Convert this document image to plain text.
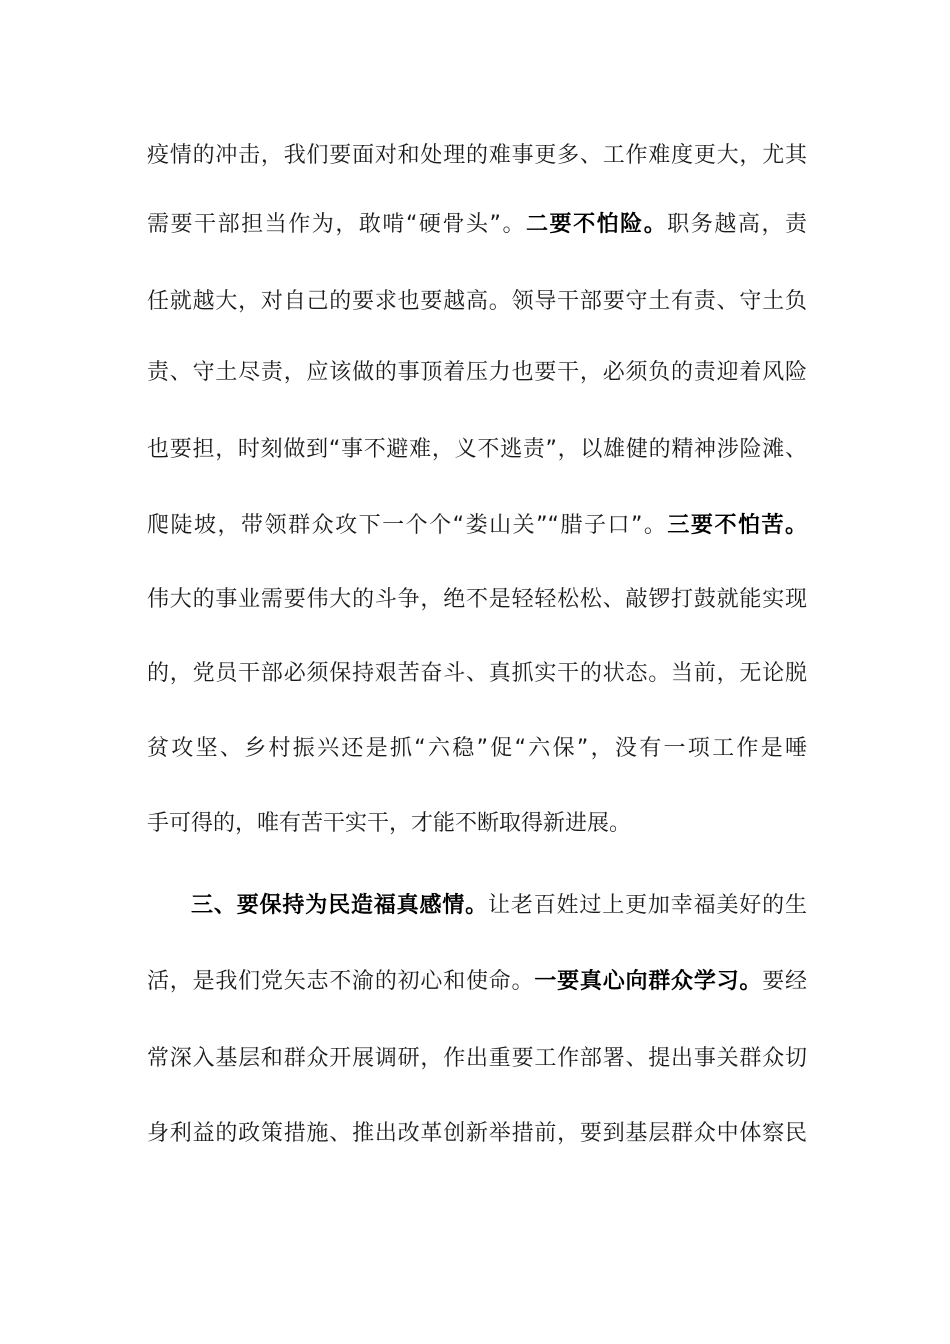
疫情的冲击，我们要面对和处理的难事更多、工作难度更大，尤其
需要干部担当作为，敢啃“硬骨头”。二要不怕险。职务越高，责
任就越大，对自己的要求也要越高。领导干部要守土有责、守土负
责、守土尽责，应该做的事顶着压力也要干，必须负的责迎着风险
也要担，时刻做到“事不避难，义不逃责”，以雄健的精神涉险滩、
爬陡坡，带领群众攻下一个个“娄山关”“腊子口”。三要不怕苦。
伟大的事业需要伟大的斗争，绝不是轻轻松松、敲锣打鼓就能实现
的，党员干部必须保持艰苦奋斗、真抓实干的状态。当前，无论脱
贫攻坚、乡村振兴还是抓“六稳”促“六保”，没有一项工作是唾
手可得的，唯有苦干实干，才能不断取得新进展。
三、要保持为民造福真感情。让老百姓过上更加幸福美好的生
活，是我们党矢志不渝的初心和使命。一要真心向群众学习。要经
常深入基层和群众开展调研，作出重要工作部署、提出事关群众切
身利益的政策措施、推出改革创新举措前，要到基层群众中体察民
